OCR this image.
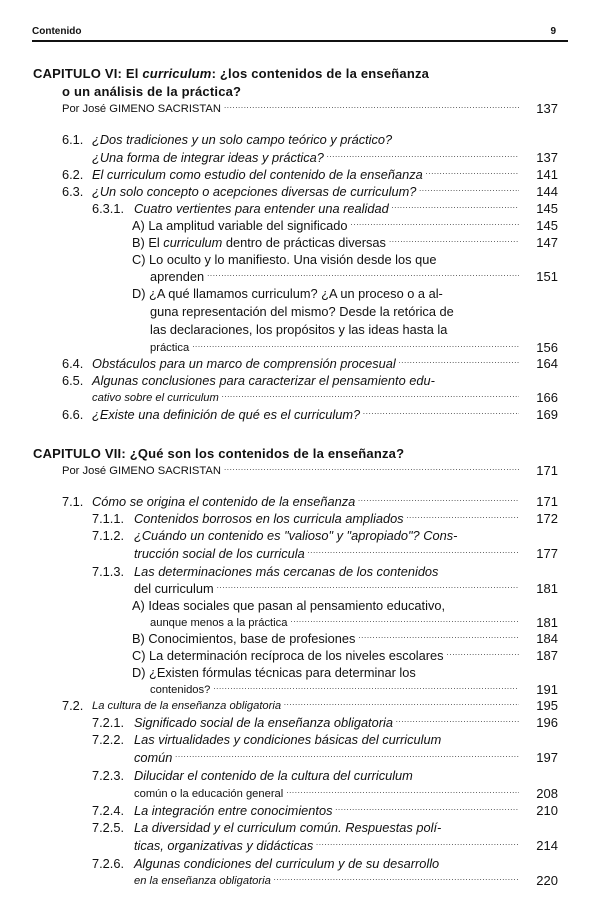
Contenido	9
CAPITULO VI: El curriculum: ¿los contenidos de la enseñanza
o un análisis de la práctica?
Por José GIMENO SACRISTAN .....	137
6.1. ¿Dos tradiciones y un solo campo teórico y práctico?
¿Una forma de integrar ideas y práctica? .....	137
6.2. El curriculum como estudio del contenido de la enseñanza .....	141
6.3. ¿Un solo concepto o acepciones diversas de curriculum? .....	144
6.3.1. Cuatro vertientes para entender una realidad .....	145
A) La amplitud variable del significado .....	145
B) El curriculum dentro de prácticas diversas .....	147
C) Lo oculto y lo manifiesto. Una visión desde los que
aprenden .....	151
D) ¿A qué llamamos curriculum? ¿A un proceso o a al-
guna representación del mismo? Desde la retórica de
las declaraciones, los propósitos y las ideas hasta la
práctica .....	156
6.4. Obstáculos para un marco de comprensión procesual .....	164
6.5. Algunas conclusiones para caracterizar el pensamiento edu-
cativo sobre el curriculum .....	166
6.6. ¿Existe una definición de qué es el curriculum? .....	169
CAPITULO VII: ¿Qué son los contenidos de la enseñanza?
Por José GIMENO SACRISTAN .....	171
7.1. Cómo se origina el contenido de la enseñanza .....	171
7.1.1. Contenidos borrosos en los curricula ampliados .....	172
7.1.2. ¿Cuándo un contenido es "valioso" y "apropiado"? Cons-
trucción social de los curricula .....	177
7.1.3. Las determinaciones más cercanas de los contenidos
del curriculum .....	181
A) Ideas sociales que pasan al pensamiento educativo,
aunque menos a la práctica .....	181
B) Conocimientos, base de profesiones .....	184
C) La determinación recíproca de los niveles escolares .....	187
D) ¿Existen fórmulas técnicas para determinar los
contenidos? .....	191
7.2. La cultura de la enseñanza obligatoria .....	195
7.2.1. Significado social de la enseñanza obligatoria .....	196
7.2.2. Las virtualidades y condiciones básicas del curriculum
común .....	197
7.2.3. Dilucidar el contenido de la cultura del curriculum
común o la educación general .....	208
7.2.4. La integración entre conocimientos .....	210
7.2.5. La diversidad y el curriculum común. Respuestas polí-
ticas, organizativas y didácticas .....	214
7.2.6. Algunas condiciones del curriculum y de su desarrollo
en la enseñanza obligatoria .....	220
